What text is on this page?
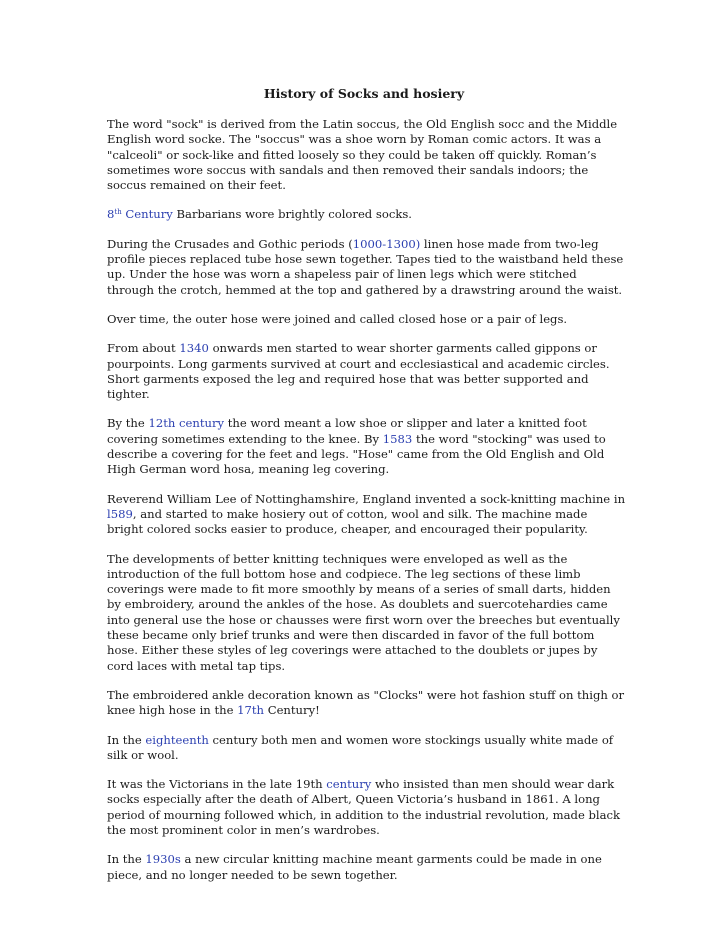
History of Socks and hosiery

The word "sock" is derived from the Latin soccus, the Old English socc and the Middle English word socke. The "soccus" was a shoe worn by Roman comic actors. It was a "calceoli" or sock-like and fitted loosely so they could be taken off quickly. Roman’s sometimes wore soccus with sandals and then removed their sandals indoors; the soccus remained on their feet.

8th Century Barbarians wore brightly colored socks.

During the Crusades and Gothic periods (1000-1300) linen hose made from two-leg profile pieces replaced tube hose sewn together. Tapes tied to the waistband held these up. Under the hose was worn a shapeless pair of linen legs which were stitched through the crotch, hemmed at the top and gathered by a drawstring around the waist.

Over time, the outer hose were joined and called closed hose or a pair of legs.

From about 1340 onwards men started to wear shorter garments called gippons or pourpoints. Long garments survived at court and ecclesiastical and academic circles. Short garments exposed the leg and required hose that was better supported and tighter.

By the 12th century the word meant a low shoe or slipper and later a knitted foot covering sometimes extending to the knee. By 1583 the word "stocking" was used to describe a covering for the feet and legs. "Hose" came from the Old English and Old High German word hosa, meaning leg covering.

Reverend William Lee of Nottinghamshire, England invented a sock-knitting machine in l589, and started to make hosiery out of cotton, wool and silk. The machine made bright colored socks easier to produce, cheaper, and encouraged their popularity.

The developments of better knitting techniques were enveloped as well as the introduction of the full bottom hose and codpiece. The leg sections of these limb coverings were made to fit more smoothly by means of a series of small darts, hidden by embroidery, around the ankles of the hose. As doublets and suercotehardies came into general use the hose or chausses were first worn over the breeches but eventually these became only brief trunks and were then discarded in favor of the full bottom hose. Either these styles of leg coverings were attached to the doublets or jupes by cord laces with metal tap tips.

The embroidered ankle decoration known as "Clocks" were hot fashion stuff on thigh or knee high hose in the 17th Century!

In the eighteenth century both men and women wore stockings usually white made of silk or wool.

It was the Victorians in the late 19th century who insisted than men should wear dark socks especially after the death of Albert, Queen Victoria’s husband in 1861. A long period of mourning followed which, in addition to the industrial revolution, made black the most prominent color in men’s wardrobes.

In the 1930s a new circular knitting machine meant garments could be made in one piece, and no longer needed to be sewn together.
